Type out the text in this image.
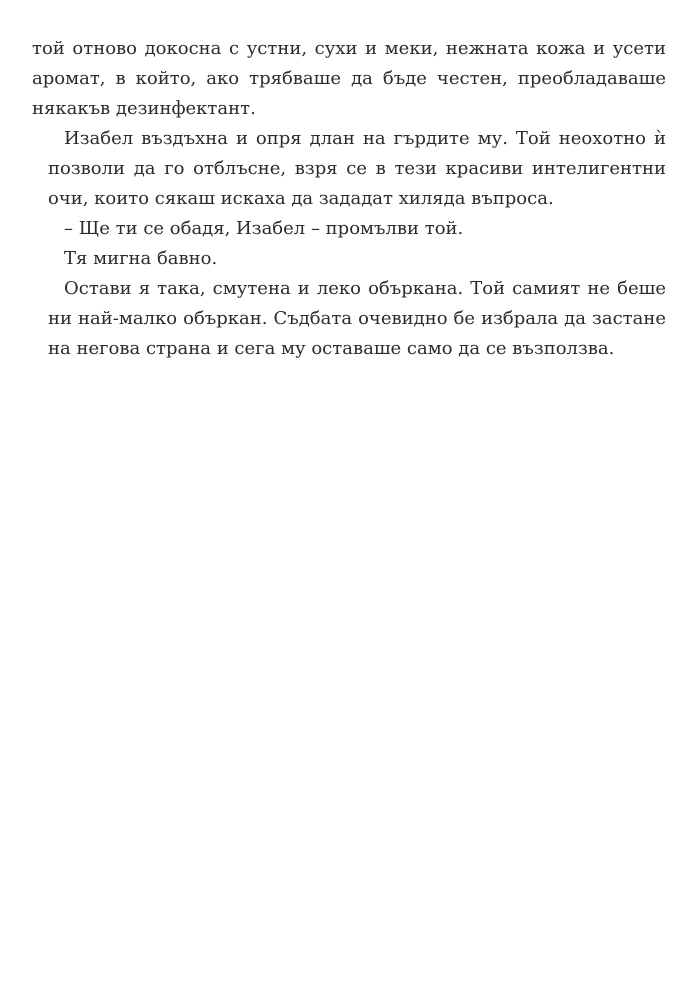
той отново докосна с устни, сухи и меки, нежната кожа и усети
аромат, в който, ако трябваше да бъде честен, преобладаваше
някакъв дезинфектант.

Изабел въздъхна и опря длан на гърдите му. Той неохотно ѝ
позволи да го отблъсне, взря се в тези красиви интелигентни
очи, които сякаш искаха да зададат хиляда въпроса.

– Ще ти се обадя, Изабел – промълви той.

Тя мигна бавно.

Остави я така, смутена и леко объркана. Той самият не беше
ни най-малко объркан. Съдбата очевидно бе избрала да застане
на негова страна и сега му оставаше само да се възползва.
